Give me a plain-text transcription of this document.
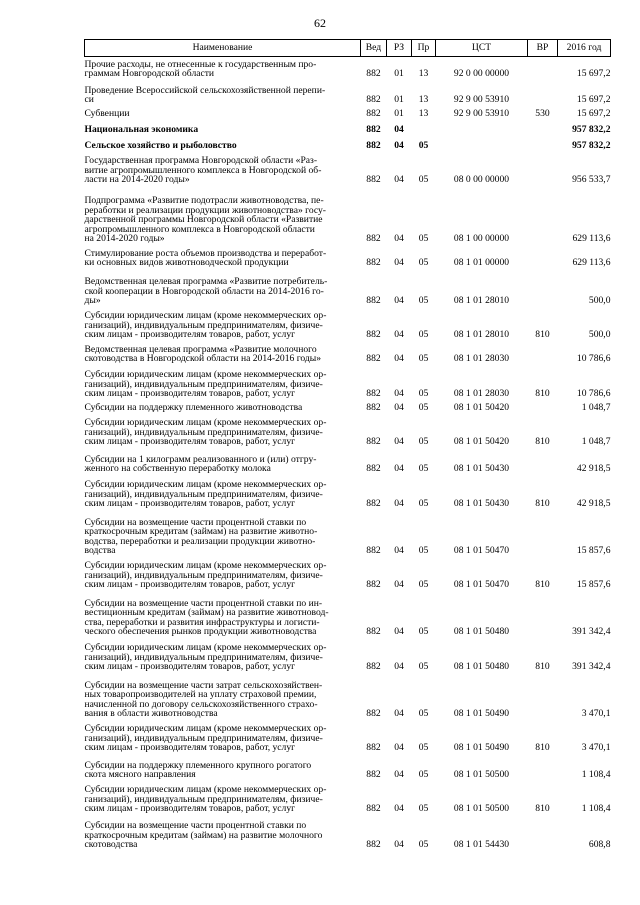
62
Наименование	Вед	РЗ	Пр	ЦСТ	ВР	2016 год

Прочие расходы, не отнесенные к государственным про-
граммам Новгородской области	882	01	13	92 0 00 00000		15 697,2

Проведение Всероссийской сельскохозяйственной перепи-
си	882	01	13	92 9 00 53910		15 697,2

Субвенции	882	01	13	92 9 00 53910	530	15 697,2

Национальная экономика	882	04				957 832,2

Сельское хозяйство и рыболовство	882	04	05			957 832,2

Государственная программа Новгородской области «Раз-
витие агропромышленного комплекса в Новгородской об-
ласти на 2014-2020 годы»	882	04	05	08 0 00 00000		956 533,7

Подпрограмма «Развитие подотрасли животноводства, пе-
реработки и реализации продукции животноводства» госу-
дарственной программы Новгородской области «Развитие
агропромышленного комплекса в Новгородской области
на 2014-2020 годы»	882	04	05	08 1 00 00000		629 113,6

Стимулирование роста объемов производства и переработ-
ки основных видов животноводческой продукции	882	04	05	08 1 01 00000		629 113,6

Ведомственная целевая программа «Развитие потребитель-
ской кооперации в Новгородской области на 2014-2016 го-
ды»	882	04	05	08 1 01 28010		500,0

Субсидии юридическим лицам (кроме некоммерческих ор-
ганизаций), индивидуальным предпринимателям, физиче-
ским лицам - производителям товаров, работ, услуг	882	04	05	08 1 01 28010	810	500,0

Ведомственная целевая программа «Развитие молочного
скотоводства в Новгородской области на 2014-2016 годы»	882	04	05	08 1 01 28030		10 786,6

Субсидии юридическим лицам (кроме некоммерческих ор-
ганизаций), индивидуальным предпринимателям, физиче-
ским лицам - производителям товаров, работ, услуг	882	04	05	08 1 01 28030	810	10 786,6

Субсидии на поддержку племенного животноводства	882	04	05	08 1 01 50420		1 048,7

Субсидии юридическим лицам (кроме некоммерческих ор-
ганизаций), индивидуальным предпринимателям, физиче-
ским лицам - производителям товаров, работ, услуг	882	04	05	08 1 01 50420	810	1 048,7

Субсидии на 1 килограмм реализованного и (или) отгру-
женного на собственную переработку молока	882	04	05	08 1 01 50430		42 918,5

Субсидии юридическим лицам (кроме некоммерческих ор-
ганизаций), индивидуальным предпринимателям, физиче-
ским лицам - производителям товаров, работ, услуг	882	04	05	08 1 01 50430	810	42 918,5

Субсидии на возмещение части процентной ставки по
краткосрочным кредитам (займам) на развитие животно-
водства, переработки и реализации продукции животно-
водства	882	04	05	08 1 01 50470		15 857,6

Субсидии юридическим лицам (кроме некоммерческих ор-
ганизаций), индивидуальным предпринимателям, физиче-
ским лицам - производителям товаров, работ, услуг	882	04	05	08 1 01 50470	810	15 857,6

Субсидии на возмещение части процентной ставки по ин-
вестиционным кредитам (займам) на развитие животновод-
ства, переработки и развития инфраструктуры и логисти-
ческого обеспечения рынков продукции животноводства	882	04	05	08 1 01 50480		391 342,4

Субсидии юридическим лицам (кроме некоммерческих ор-
ганизаций), индивидуальным предпринимателям, физиче-
ским лицам - производителям товаров, работ, услуг	882	04	05	08 1 01 50480	810	391 342,4

Субсидии на возмещение части затрат сельскохозяйствен-
ных товаропроизводителей на уплату страховой премии,
начисленной по договору сельскохозяйственного страхо-
вания в области животноводства	882	04	05	08 1 01 50490		3 470,1

Субсидии юридическим лицам (кроме некоммерческих ор-
ганизаций), индивидуальным предпринимателям, физиче-
ским лицам - производителям товаров, работ, услуг	882	04	05	08 1 01 50490	810	3 470,1

Субсидии на поддержку племенного крупного рогатого
скота мясного направления	882	04	05	08 1 01 50500		1 108,4

Субсидии юридическим лицам (кроме некоммерческих ор-
ганизаций), индивидуальным предпринимателям, физиче-
ским лицам - производителям товаров, работ, услуг	882	04	05	08 1 01 50500	810	1 108,4

Субсидии на возмещение части процентной ставки по
краткосрочным кредитам (займам) на развитие молочного
скотоводства	882	04	05	08 1 01 54430		608,8
